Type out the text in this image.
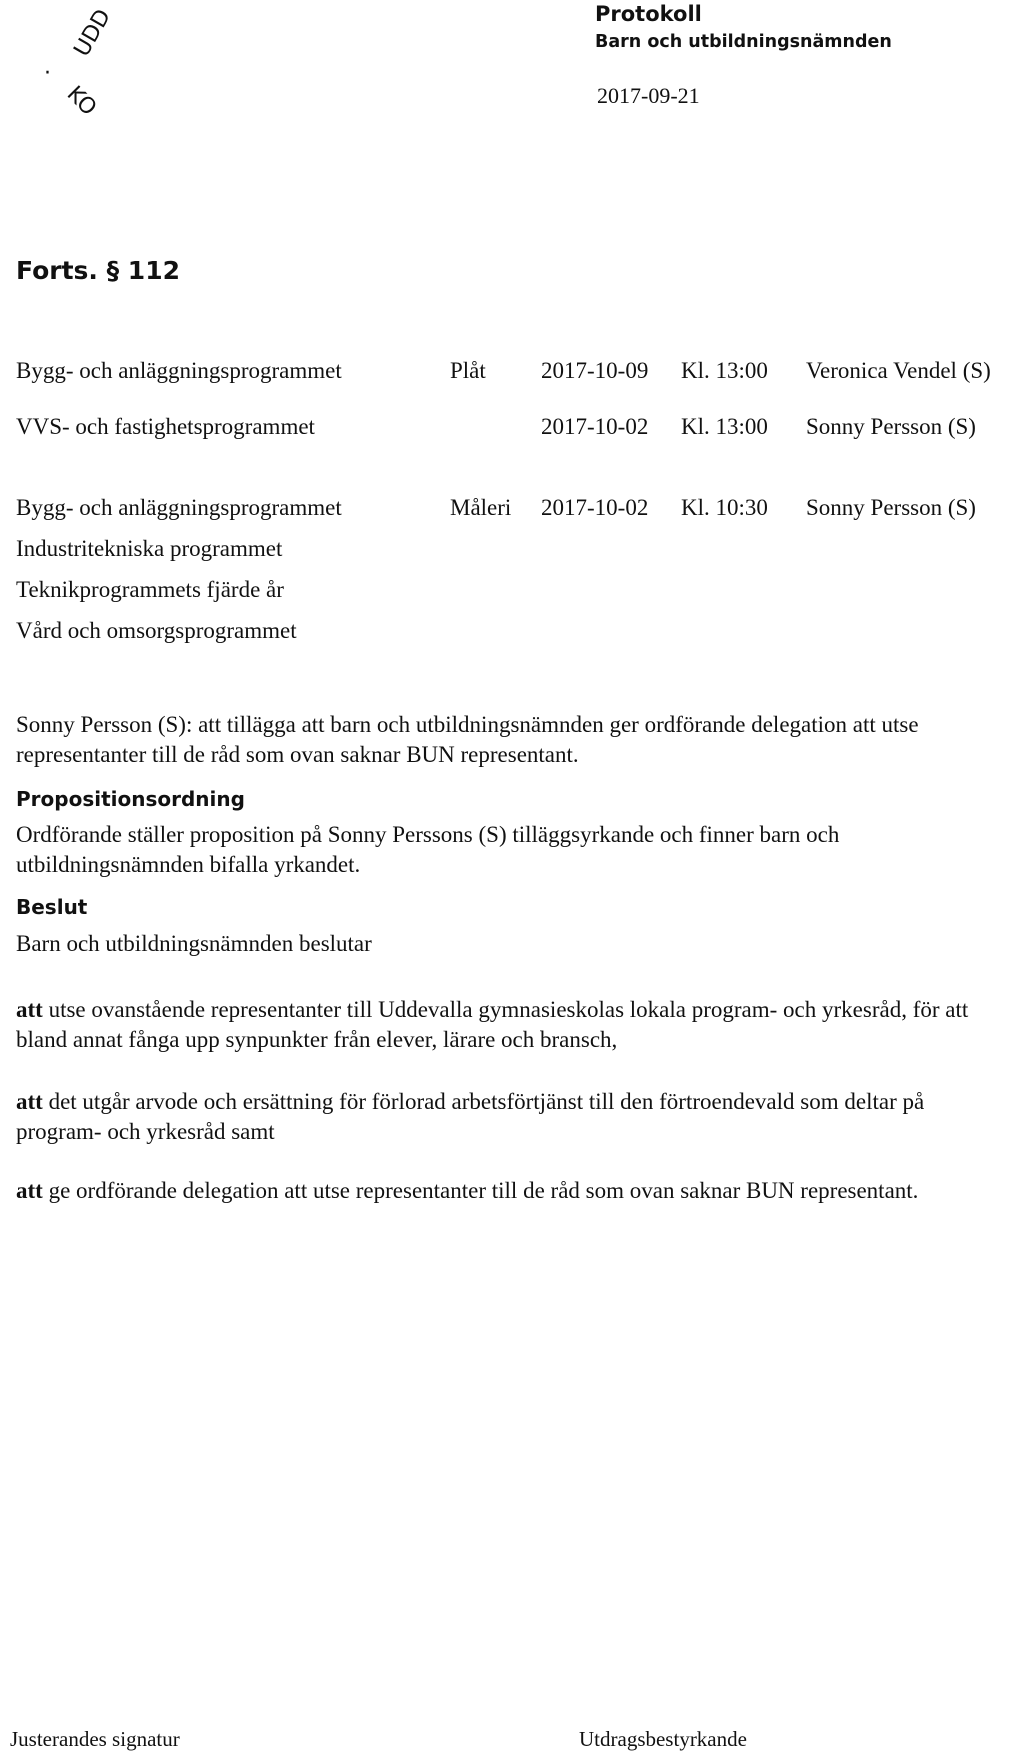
UDD
·
KO
Protokoll
Barn och utbildningsnämnden
2017-09-21
Forts. § 112
Bygg- och anläggningsprogrammet	Plåt 2017-10-09 Kl. 13:00 Veronica Vendel (S)
VVS- och fastighetsprogrammet	2017-10-02 Kl. 13:00 Sonny Persson (S)
Bygg- och anläggningsprogrammet	Måleri 2017-10-02 Kl. 10:30 Sonny Persson (S)
Industritekniska programmet
Teknikprogrammets fjärde år
Vård och omsorgsprogrammet
Sonny Persson (S): att tillägga att barn och utbildningsnämnden ger ordförande delegation att utse representanter till de råd som ovan saknar BUN representant.
Propositionsordning
Ordförande ställer proposition på Sonny Perssons (S) tilläggsyrkande och finner barn och utbildningsnämnden bifalla yrkandet.
Beslut
Barn och utbildningsnämnden beslutar
att utse ovanstående representanter till Uddevalla gymnasieskolas lokala program- och yrkesråd, för att bland annat fånga upp synpunkter från elever, lärare och bransch,
att det utgår arvode och ersättning för förlorad arbetsförtjänst till den förtroendevald som deltar på program- och yrkesråd samt
att ge ordförande delegation att utse representanter till de råd som ovan saknar BUN representant.
Justerandes signatur	Utdragsbestyrkande
